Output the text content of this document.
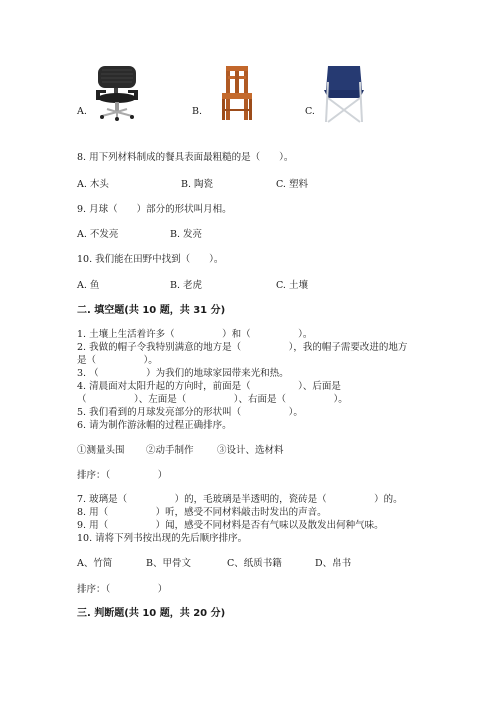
A.	B.	C.
8. 用下列材料制成的餐具表面最粗糙的是（　　）。
A. 木头	B. 陶瓷	C. 塑料
9. 月球（　　）部分的形状叫月相。
A. 不发亮	B. 发亮
10. 我们能在田野中找到（　　）。
A. 鱼	B. 老虎	C. 土壤
二. 填空题(共 10 题，共 31 分)
1. 土壤上生活着许多（　　　　　）和（　　　　　）。
2. 我做的帽子令我特别满意的地方是（　　　　　），我的帽子需要改进的地方
是（　　　　　）。
3. （　　　　　）为我们的地球家园带来光和热。
4. 清晨面对太阳升起的方向时，前面是（　　　　　）、后面是
（　　　　　）、左面是（　　　　　）、右面是（　　　　　）。
5. 我们看到的月球发亮部分的形状叫（　　　　　）。
6. 请为制作游泳帽的过程正确排序。
①测量头围 ②动手制作 ③设计、选材料
排序：（　　　　　）
7. 玻璃是（　　　　　）的，毛玻璃是半透明的，瓷砖是（　　　　　）的。
8. 用（　　　　　）听，感受不同材料敲击时发出的声音。
9. 用（　　　　　）闻，感受不同材料是否有气味以及散发出何种气味。
10. 请将下列书按出现的先后顺序排序。
A、竹简	B、甲骨文	C、纸质书籍	D、帛书
排序：（　　　　　）
三. 判断题(共 10 题，共 20 分)
